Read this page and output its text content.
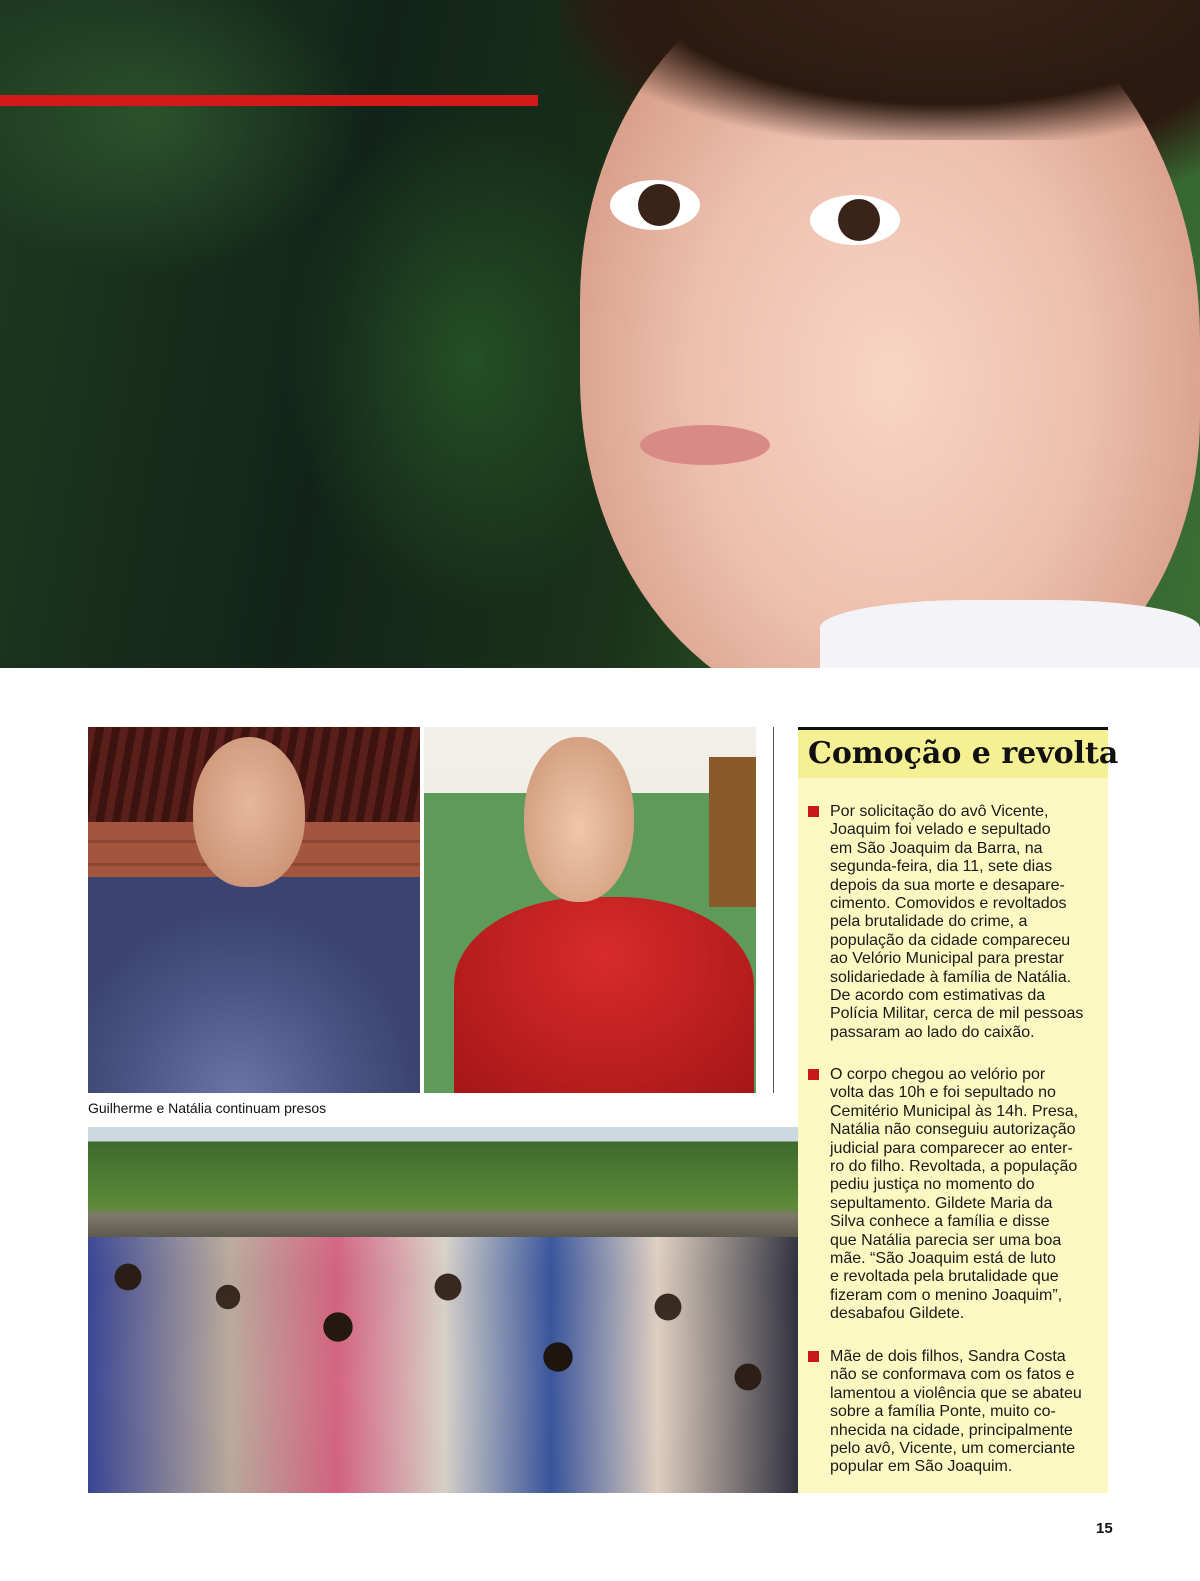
Guilherme e Natália continuam presos
Comoção e revolta
Por solicitação do avô Vicente,
Joaquim foi velado e sepultado
em São Joaquim da Barra, na
segunda-feira, dia 11, sete dias
depois da sua morte e desapare-
cimento. Comovidos e revoltados
pela brutalidade do crime, a
população da cidade compareceu
ao Velório Municipal para prestar
solidariedade à família de Natália.
De acordo com estimativas da
Polícia Militar, cerca de mil pessoas
passaram ao lado do caixão.
O corpo chegou ao velório por
volta das 10h e foi sepultado no
Cemitério Municipal às 14h. Presa,
Natália não conseguiu autorização
judicial para comparecer ao enter-
ro do filho. Revoltada, a população
pediu justiça no momento do
sepultamento. Gildete Maria da
Silva conhece a família e disse
que Natália parecia ser uma boa
mãe. “São Joaquim está de luto
e revoltada pela brutalidade que
fizeram com o menino Joaquim”,
desabafou Gildete.
Mãe de dois filhos, Sandra Costa
não se conformava com os fatos e
lamentou a violência que se abateu
sobre a família Ponte, muito co-
nhecida na cidade, principalmente
pelo avô, Vicente, um comerciante
popular em São Joaquim.
15
